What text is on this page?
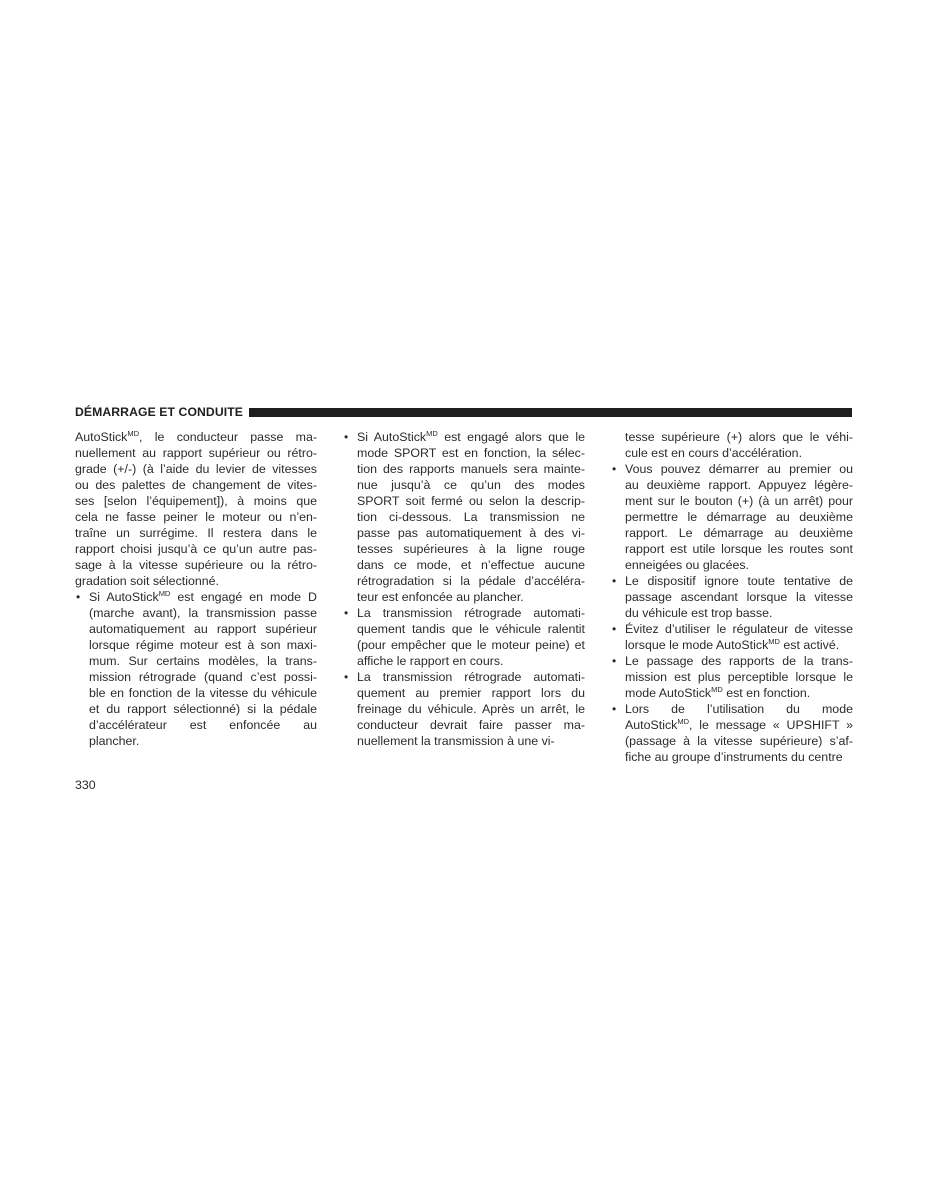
DÉMARRAGE ET CONDUITE
AutoStick$^{MD}$, le conducteur passe ma-
nuellement au rapport supérieur ou rétro-
grade (+/-) (à l’aide du levier de vitesses
ou des palettes de changement de vites-
ses [selon l’équipement]), à moins que
cela ne fasse peiner le moteur ou n’en-
traîne un surrégime. Il restera dans le
rapport choisi jusqu’à ce qu’un autre pas-
sage à la vitesse supérieure ou la rétro-
gradation soit sélectionné.
• Si AutoStick$^{MD}$ est engagé en mode D
(marche avant), la transmission passe
automatiquement au rapport supérieur
lorsque régime moteur est à son maxi-
mum. Sur certains modèles, la trans-
mission rétrograde (quand c’est possi-
ble en fonction de la vitesse du véhicule
et du rapport sélectionné) si la pédale
d’accélérateur est enfoncée au
plancher.
• Si AutoStick$^{MD}$ est engagé alors que le
mode SPORT est en fonction, la sélec-
tion des rapports manuels sera mainte-
nue jusqu’à ce qu’un des modes
SPORT soit fermé ou selon la descrip-
tion ci-dessous. La transmission ne
passe pas automatiquement à des vi-
tesses supérieures à la ligne rouge
dans ce mode, et n’effectue aucune
rétrogradation si la pédale d’accéléra-
teur est enfoncée au plancher.
• La transmission rétrograde automati-
quement tandis que le véhicule ralentit
(pour empêcher que le moteur peine) et
affiche le rapport en cours.
• La transmission rétrograde automati-
quement au premier rapport lors du
freinage du véhicule. Après un arrêt, le
conducteur devrait faire passer ma-
nuellement la transmission à une vi-
tesse supérieure (+) alors que le véhi-
cule est en cours d’accélération.
• Vous pouvez démarrer au premier ou
au deuxième rapport. Appuyez légère-
ment sur le bouton (+) (à un arrêt) pour
permettre le démarrage au deuxième
rapport. Le démarrage au deuxième
rapport est utile lorsque les routes sont
enneigées ou glacées.
• Le dispositif ignore toute tentative de
passage ascendant lorsque la vitesse
du véhicule est trop basse.
• Évitez d’utiliser le régulateur de vitesse
lorsque le mode AutoStick$^{MD}$ est activé.
• Le passage des rapports de la trans-
mission est plus perceptible lorsque le
mode AutoStick$^{MD}$ est en fonction.
• Lors de l’utilisation du mode
AutoStick$^{MD}$, le message « UPSHIFT »
(passage à la vitesse supérieure) s’af-
fiche au groupe d’instruments du centre
330
